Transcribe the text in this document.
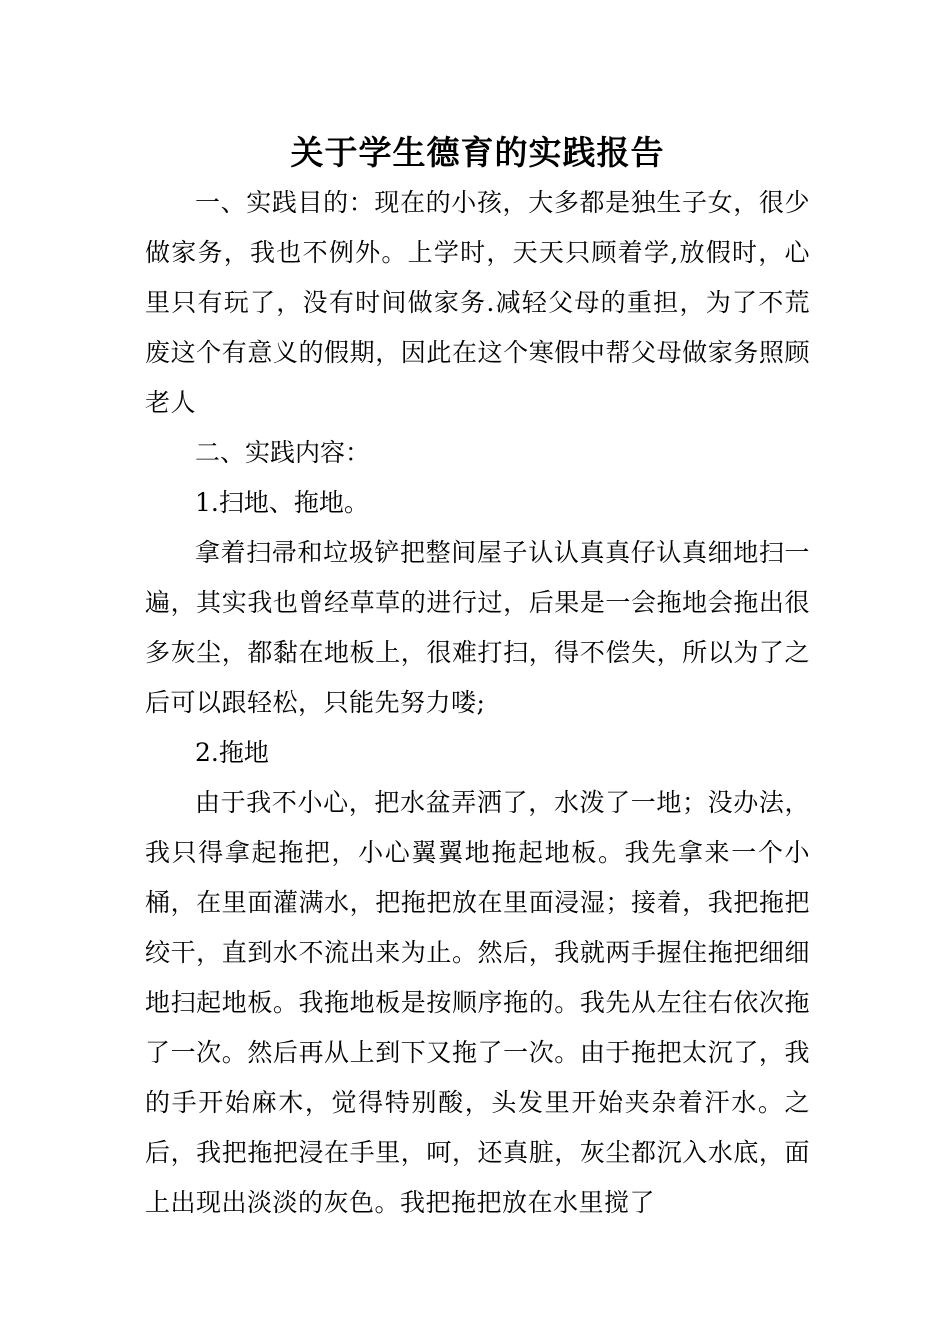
关于学生德育的实践报告

一、实践目的：现在的小孩，大多都是独生子女，很少做家务，我也不例外。上学时，天天只顾着学,放假时，心里只有玩了，没有时间做家务.减轻父母的重担，为了不荒废这个有意义的假期，因此在这个寒假中帮父母做家务照顾老人

二、实践内容：

1.扫地、拖地。

拿着扫帚和垃圾铲把整间屋子认认真真仔认真细地扫一遍，其实我也曾经草草的进行过，后果是一会拖地会拖出很多灰尘，都黏在地板上，很难打扫，得不偿失，所以为了之后可以跟轻松，只能先努力喽;

2.拖地

由于我不小心，把水盆弄洒了，水泼了一地；没办法，我只得拿起拖把，小心翼翼地拖起地板。我先拿来一个小桶，在里面灌满水，把拖把放在里面浸湿；接着，我把拖把绞干，直到水不流出来为止。然后，我就两手握住拖把细细地扫起地板。我拖地板是按顺序拖的。我先从左往右依次拖了一次。然后再从上到下又拖了一次。由于拖把太沉了，我的手开始麻木，觉得特别酸，头发里开始夹杂着汗水。之后，我把拖把浸在手里，呵，还真脏，灰尘都沉入水底，面上出现出淡淡的灰色。我把拖把放在水里搅了
